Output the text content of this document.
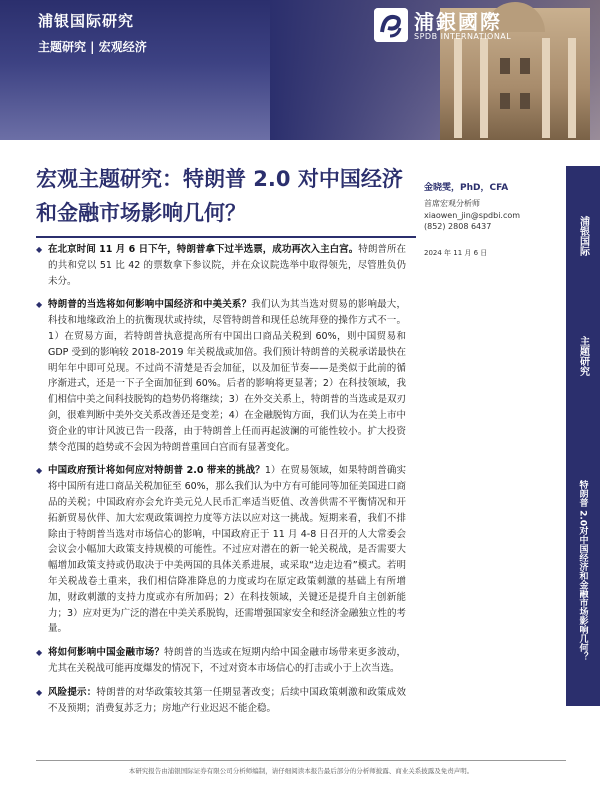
浦银国际研究
主题研究 | 宏观经济
浦銀國際
SPDB INTERNATIONAL
宏观主题研究：特朗普 2.0 对中国经济和金融市场影响几何？
金晓雯，PhD，CFA
首席宏观分析师
xiaowen_jin@spdbi.com
(852) 2808 6437
2024 年 11 月 6 日	浦银国际
主题研究
特朗普 2.0对中国经济和金融市场影响几何？
◆ 在北京时间 11 月 6 日下午，特朗普拿下过半选票，成功再次入主白宫。特朗普所在的共和党以 51 比 42 的票数拿下参议院，并在众议院选举中取得领先，尽管胜负仍未分。
◆ 特朗普的当选将如何影响中国经济和中美关系？我们认为其当选对贸易的影响最大，科技和地缘政治上的抗衡现状或持续，尽管特朗普和现任总统拜登的操作方式不一。1）在贸易方面，若特朗普执意提高所有中国出口商品关税到 60%，则中国贸易和 GDP 受到的影响较 2018-2019 年关税战或加倍。我们预计特朗普的关税承诺最快在明年年中即可兑现。不过尚不清楚是否会加征，以及加征节奏——是类似于此前的循序渐进式，还是一下子全面加征到 60%。后者的影响将更显著；2）在科技领域，我们相信中美之间科技脱钩的趋势仍将继续；3）在外交关系上，特朗普的当选或是双刃剑，很难判断中美外交关系改善还是变差；4）在金融脱钩方面，我们认为在美上市中资企业的审计风波已告一段落，由于特朗普上任而再起波澜的可能性较小。扩大投资禁令范围的趋势或不会因为特朗普重回白宫而有显著变化。
◆ 中国政府预计将如何应对特朗普 2.0 带来的挑战？1）在贸易领域，如果特朗普确实将中国所有进口商品关税加征至 60%，那么我们认为中方有可能同等加征美国进口商品的关税；中国政府亦会允许美元兑人民币汇率适当贬值、改善供需不平衡情况和开拓新贸易伙伴、加大宏观政策调控力度等方法以应对这一挑战。短期来看，我们不排除由于特朗普当选对市场信心的影响，中国政府正于 11 月 4-8 日召开的人大常委会会议会小幅加大政策支持规模的可能性。不过应对潜在的新一轮关税战，是否需要大幅增加政策支持或仍取决于中美两国的具体关系进展，或采取“边走边看”模式。若明年关税战卷土重来，我们相信降准降息的力度或均在原定政策刺激的基础上有所增加，财政刺激的支持力度或亦有所加码；2）在科技领域，关键还是提升自主创新能力；3）应对更为广泛的潜在中美关系脱钩，还需增强国家安全和经济金融独立性的考量。
◆ 将如何影响中国金融市场？特朗普的当选或在短期内给中国金融市场带来更多波动，尤其在关税战可能再度爆发的情况下，不过对资本市场信心的打击或小于上次当选。
◆ 风险提示：特朗普的对华政策较其第一任期显著改变；后续中国政策刺激和政策成效不及预期；消费复苏乏力；房地产行业迟迟不能企稳。
本研究报告由浦银国际证券有限公司分析师编制，请仔细阅读本报告最后部分的分析师披露、商业关系披露及免责声明。
